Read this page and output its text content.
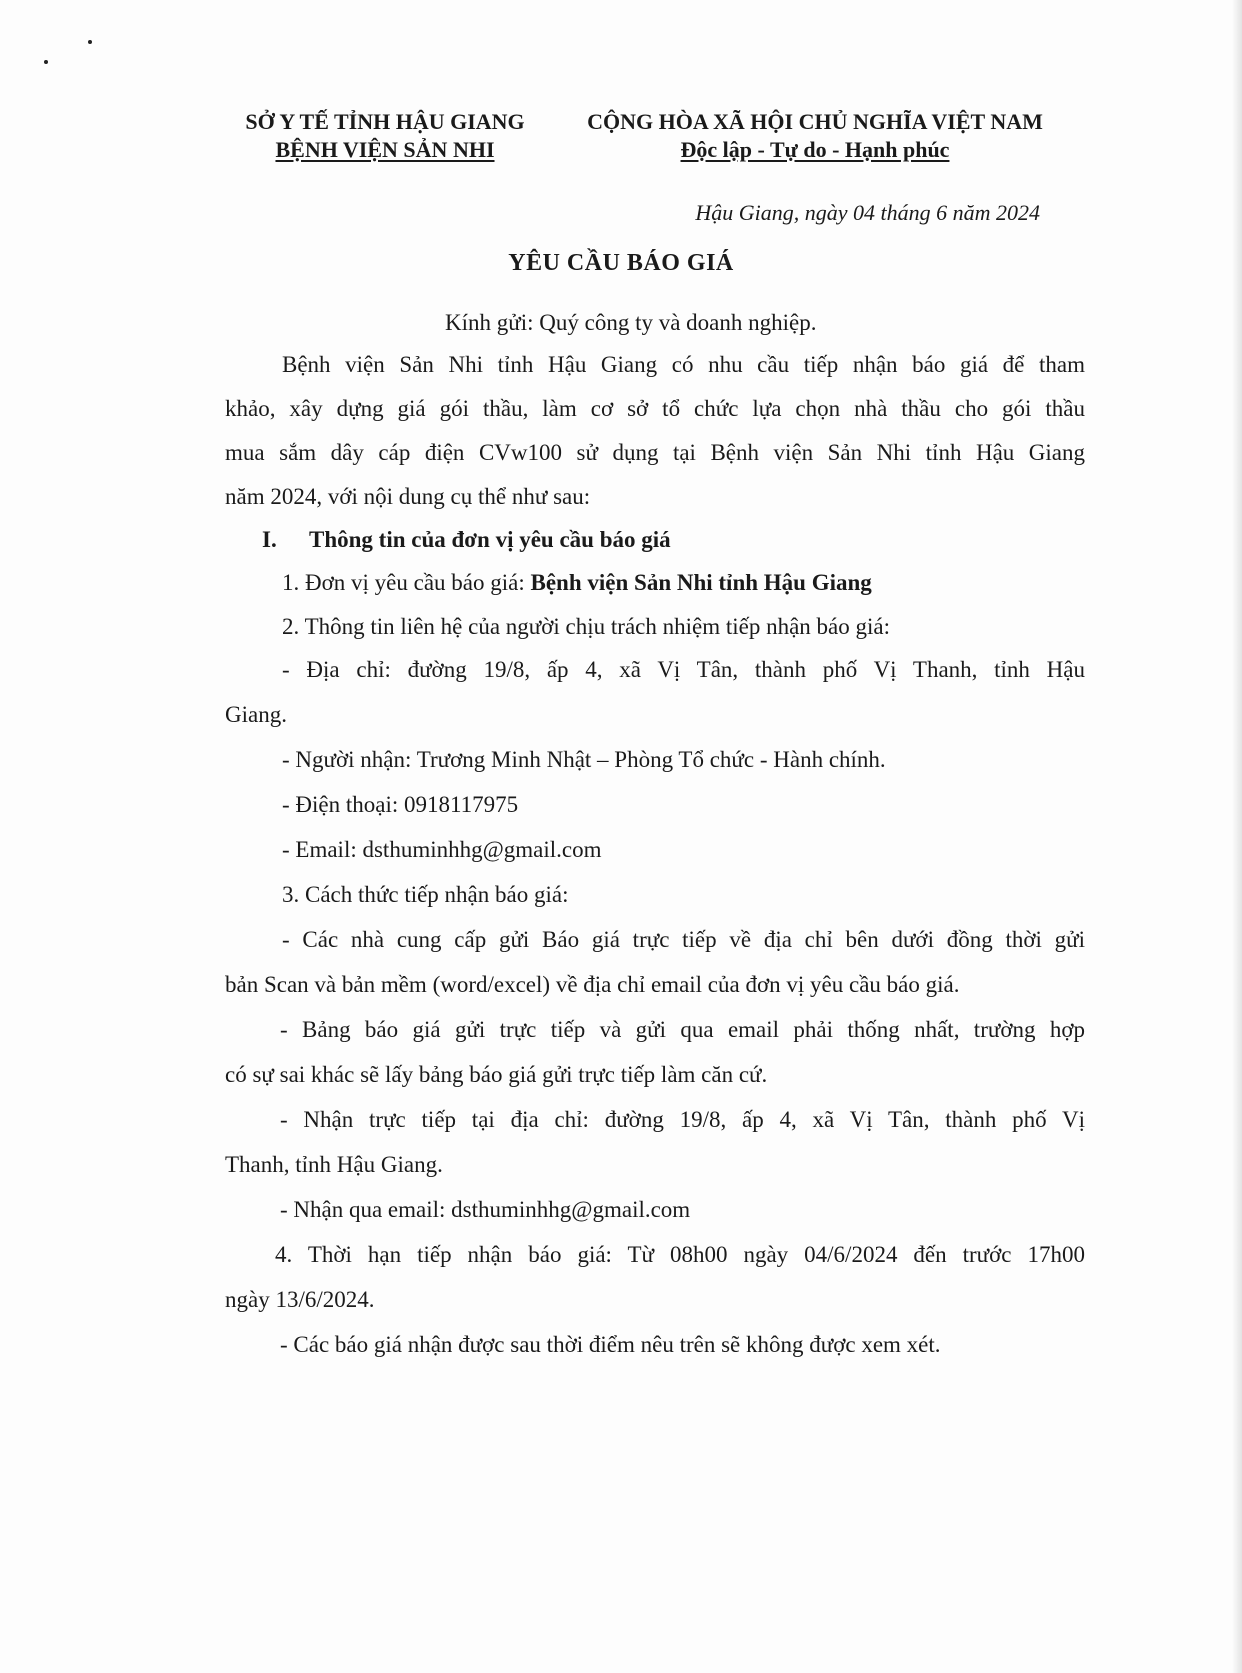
SỞ Y TẾ TỈNH HẬU GIANG
BỆNH VIỆN SẢN NHI
CỘNG HÒA XÃ HỘI CHỦ NGHĨA VIỆT NAM
Độc lập - Tự do - Hạnh phúc
Hậu Giang, ngày 04 tháng 6 năm 2024
YÊU CẦU BÁO GIÁ
Kính gửi: Quý công ty và doanh nghiệp.
Bệnh viện Sản Nhi tỉnh Hậu Giang có nhu cầu tiếp nhận báo giá để tham
khảo, xây dựng giá gói thầu, làm cơ sở tổ chức lựa chọn nhà thầu cho gói thầu
mua sắm dây cáp điện CVw100 sử dụng tại Bệnh viện Sản Nhi tỉnh Hậu Giang
năm 2024, với nội dung cụ thể như sau:
I. Thông tin của đơn vị yêu cầu báo giá
1. Đơn vị yêu cầu báo giá: Bệnh viện Sản Nhi tỉnh Hậu Giang
2. Thông tin liên hệ của người chịu trách nhiệm tiếp nhận báo giá:
- Địa chỉ: đường 19/8, ấp 4, xã Vị Tân, thành phố Vị Thanh, tỉnh Hậu
Giang.
- Người nhận: Trương Minh Nhật – Phòng Tổ chức - Hành chính.
- Điện thoại: 0918117975
- Email: dsthuminhhg@gmail.com
3. Cách thức tiếp nhận báo giá:
- Các nhà cung cấp gửi Báo giá trực tiếp về địa chỉ bên dưới đồng thời gửi
bản Scan và bản mềm (word/excel) về địa chỉ email của đơn vị yêu cầu báo giá.
- Bảng báo giá gửi trực tiếp và gửi qua email phải thống nhất, trường hợp
có sự sai khác sẽ lấy bảng báo giá gửi trực tiếp làm căn cứ.
- Nhận trực tiếp tại địa chỉ: đường 19/8, ấp 4, xã Vị Tân, thành phố Vị
Thanh, tỉnh Hậu Giang.
- Nhận qua email: dsthuminhhg@gmail.com
4. Thời hạn tiếp nhận báo giá: Từ 08h00 ngày 04/6/2024 đến trước 17h00
ngày 13/6/2024.
- Các báo giá nhận được sau thời điểm nêu trên sẽ không được xem xét.
